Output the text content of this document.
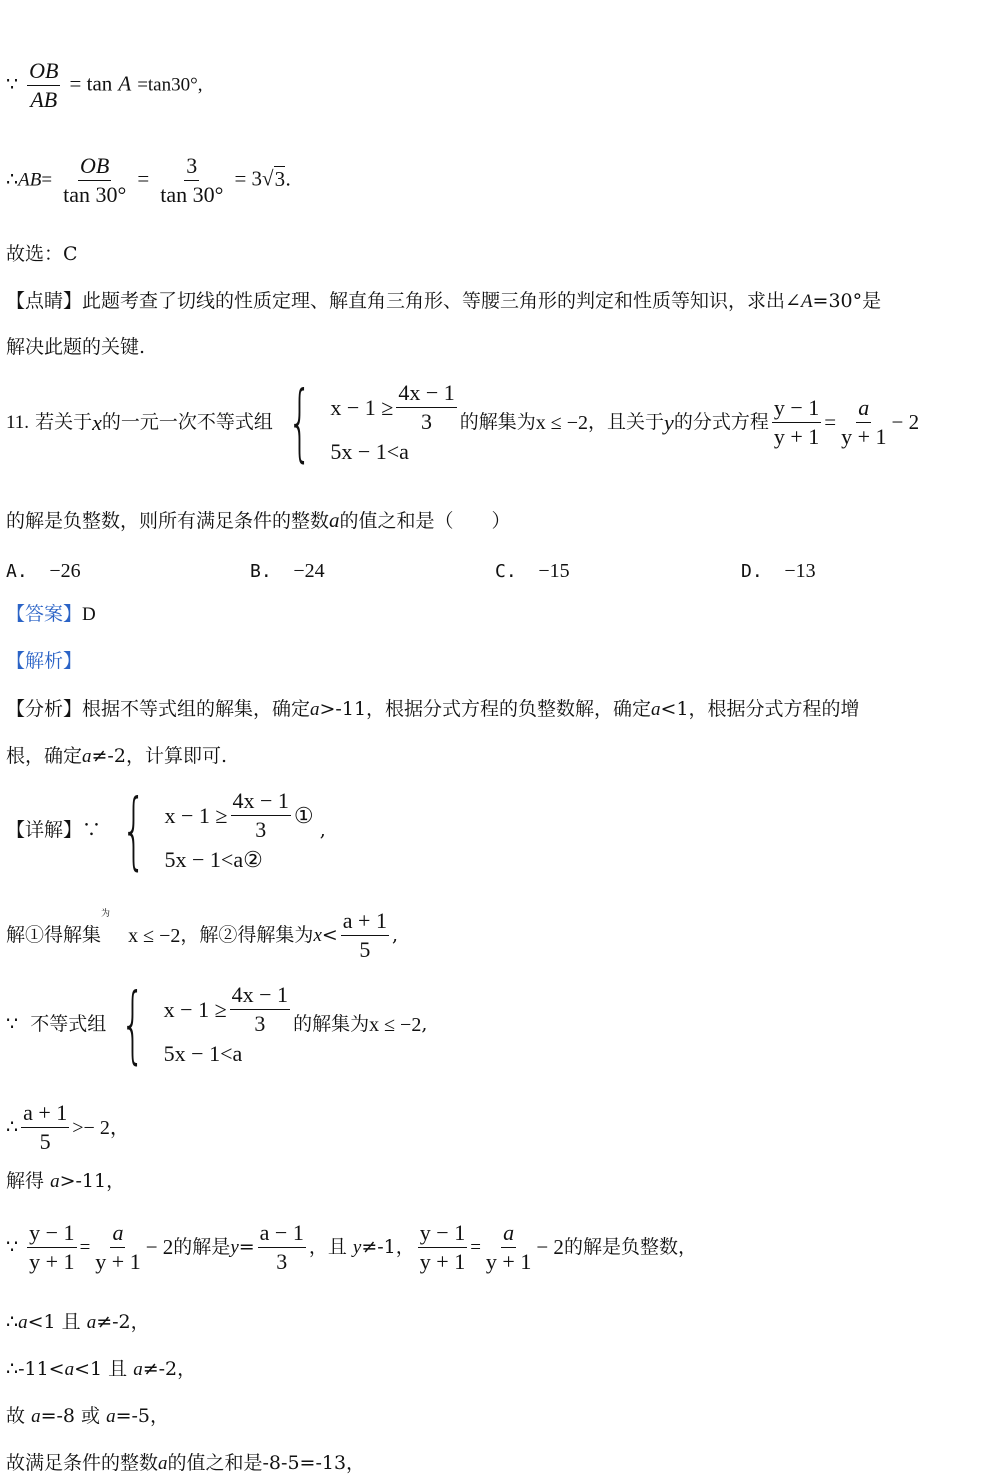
∵ $\frac{OB}{AB} = \tan A =\tan 30^\circ$,
∴AB= $\frac{OB}{\tan 30^\circ} = \frac{3}{\tan 30^\circ} = 3√3$.
故选：C
【点睛】此题考查了切线的性质定理、解直角三角形、等腰三角形的判定和性质等知识，求出∠A=30°是
解决此题的关键.
11.
若关于 x 的一元一次不等式组 { $x - 1 \ge \frac{4x - 1}{3}$
5x − 1<a
的解集为 x ≤ −2 ，且关于 y 的分式方程 $\frac{y - 1}{y + 1} = \frac{a}{y + 1} - 2$
的解是负整数，则所有满足条件的整数a的值之和是（　　）
A. −26	B. −24	C. −15	D. −13
【答案】D
【解析】
【分析】根据不等式组的解集，确定a>-11，根据分式方程的负整数解，确定a<1，根据分式方程的增
根，确定a≠-2，计算即可.
【详解】∵
{ $x - 1 \ge \frac{4x - 1}{3}$ ①
5x − 1<a ②

,
解①得解集
为

x ≤ −2 ，解②得解集为 x <
a + 1
5
,
∵
不等式组 { $x - 1 \ge \frac{4x - 1}{3}$
5x − 1<a
的解集为 x ≤ −2 ,
∴
a + 1
5
>− 2，
解得 a>-11，
∵
$\frac{y - 1}{y + 1} = \frac{a}{y + 1} - 2$ 的解是 $y = \frac{a - 1}{3}$ ，且
y ≠-1， $\frac{y - 1}{y + 1} = \frac{a}{y + 1} - 2$ 的解是负整数，
∴a<1 且 a≠-2，
∴-11<a<1 且 a≠-2，
故 a=-8 或 a=-5，
故满足条件的整数a的值之和是-8-5=-13，
